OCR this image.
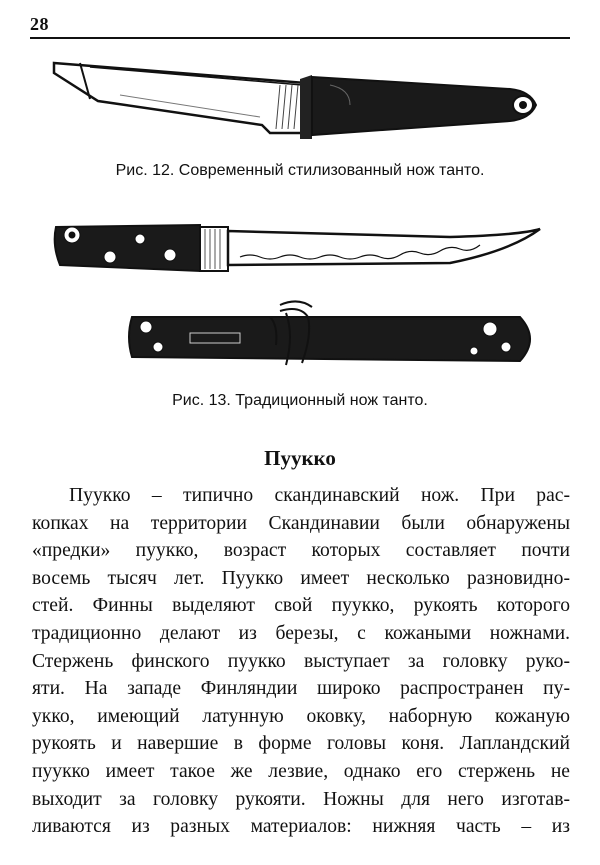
28
Рис. 12. Современный стилизованный нож танто.
Рис. 13. Традиционный нож танто.
Пуукко
Пуукко – типично скандинавский нож. При рас-
копках на территории Скандинавии были обнаружены
«предки» пуукко, возраст которых составляет почти
восемь тысяч лет. Пуукко имеет несколько разновидно-
стей. Финны выделяют свой пуукко, рукоять которого
традиционно делают из березы, с кожаными ножнами.
Стержень финского пуукко выступает за головку руко-
яти. На западе Финляндии широко распространен пу-
укко, имеющий латунную оковку, наборную кожаную
рукоять и навершие в форме головы коня. Лапландский
пуукко имеет такое же лезвие, однако его стержень не
выходит за головку рукояти. Ножны для него изготав-
ливаются из разных материалов: нижняя часть – из
